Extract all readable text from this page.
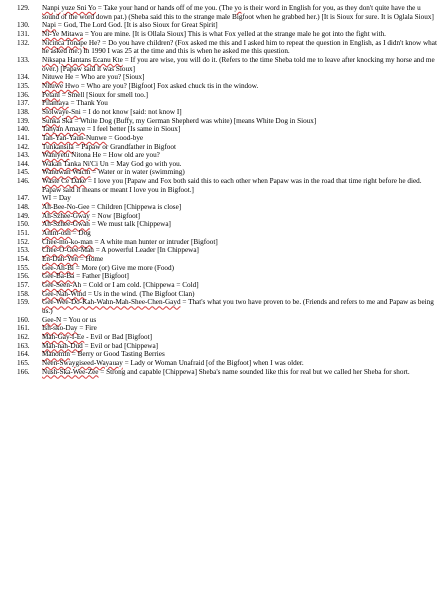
129. Nanpi yuze Sni Yo = Take your hand or hands off of me you. (The yo is their word in English for you, as they don't quite have the u sound of the word down pat.) (Sheba said this to the strange male Bigfoot when he grabbed her.) [It is Sioux for sure. It is Oglala Sioux]
130. Napi = God, The Lord God. [It is also Sioux for Great Spirit]
131. Ni-Ye Mitawa = You are mine. [It is Ollala Sioux] This is what Fox yelled at the strange male he got into the fight with.
132. Nicinca Tonape He? = Do you have children? (Fox asked me this and I asked him to repeat the question in English, as I didn't know what he asked me.) In 1990 I was 25 at the time and this is when he asked me this question.
133. Niksapa Hantans Ecanu Kte = If you are wise, you will do it. (Refers to the time Sheba told me to leave after knocking my horse and me over.) [Papaw said it was Sioux]
134. Nituwe He = Who are you? [Sioux]
135. Nituwe Hwo = Who are you? [Bigfoot] Fox asked chuck tis in the window.
136. Petanl = Smell [Sioux for smell too.]
137. Pilamaya = Thank You
138. Slolwaye-Sni = I do not know [said: not know I]
139. Sunka Ska = White Dog (Buffy, my German Shepherd was white) [means White Dog in Sioux]
140. Tanyan Amaye = I feel better [Is same in Sioux]
141. Tan-Yan-Yaun-Nunwe = Good-bye
142. Tunkansila = Papaw or Grandfather in Bigfoot
143. Waniyetu Nitona He = How old are you?
144. Wakan Tanka Ni'Ci Un = May God go with you.
145. Wanuwan Wacin = Water or in water (swimming)
146. Waste Ce Dake = I love you [Papaw and Fox both said this to each other when Papaw was in the road that time right before he died. Papaw said it means or meant I love you in Bigfoot.]
147. WI = Day
148. Ah-Bee-No-Gee = Children [Chippewa is close]
149. Ah-Szhee-Gway = Now [Bigfoot]
150. Ah-Szhee-Gwah = We must talk [Chippewa]
151. Anim-osh = Dog
152. Chee-mo-ko-man = A white man hunter or intruder [Bigfoot]
153. Chee-O-Gee-Mah = A powerful Leader [In Chippewa]
154. En-Dah-Yen = Home
155. Gee-Ah-Bi = More (or) Give me more (Food)
156. Gee-Ba-Ba = Father [Bigfoot]
157. Gee-Seen-Ah = Cold or I am cold. [Chippewa = Cold]
158. Gee-Nah-Wind = Us in the wind. (The Bigfoot Clan)
159. Gee-Wee-Do-Kah-Wahn-Mah-Shee-Chen-Gayd = That's what you two have proven to be. (Friends and refers to me and Papaw as being us.)
160. Gee-N = You or us
161. Ish-sko-Day = Fire
162. Mah-Gay-I-Ee - Evil or Bad [Bigfoot]
163. Mah-nah-Dud = Evil or bad [Chippewa]
164. Manomin = Berry or Good Tasting Berries
165. Neen-Swaygiseed-Wayauay = Lady or Woman Unafraid [of the Bigfoot] when I was older.
166. Nush-Ska-Wee-Zee = Strong and capable [Chippewa] Sheba's name sounded like this for real but we called her Sheba for short.
